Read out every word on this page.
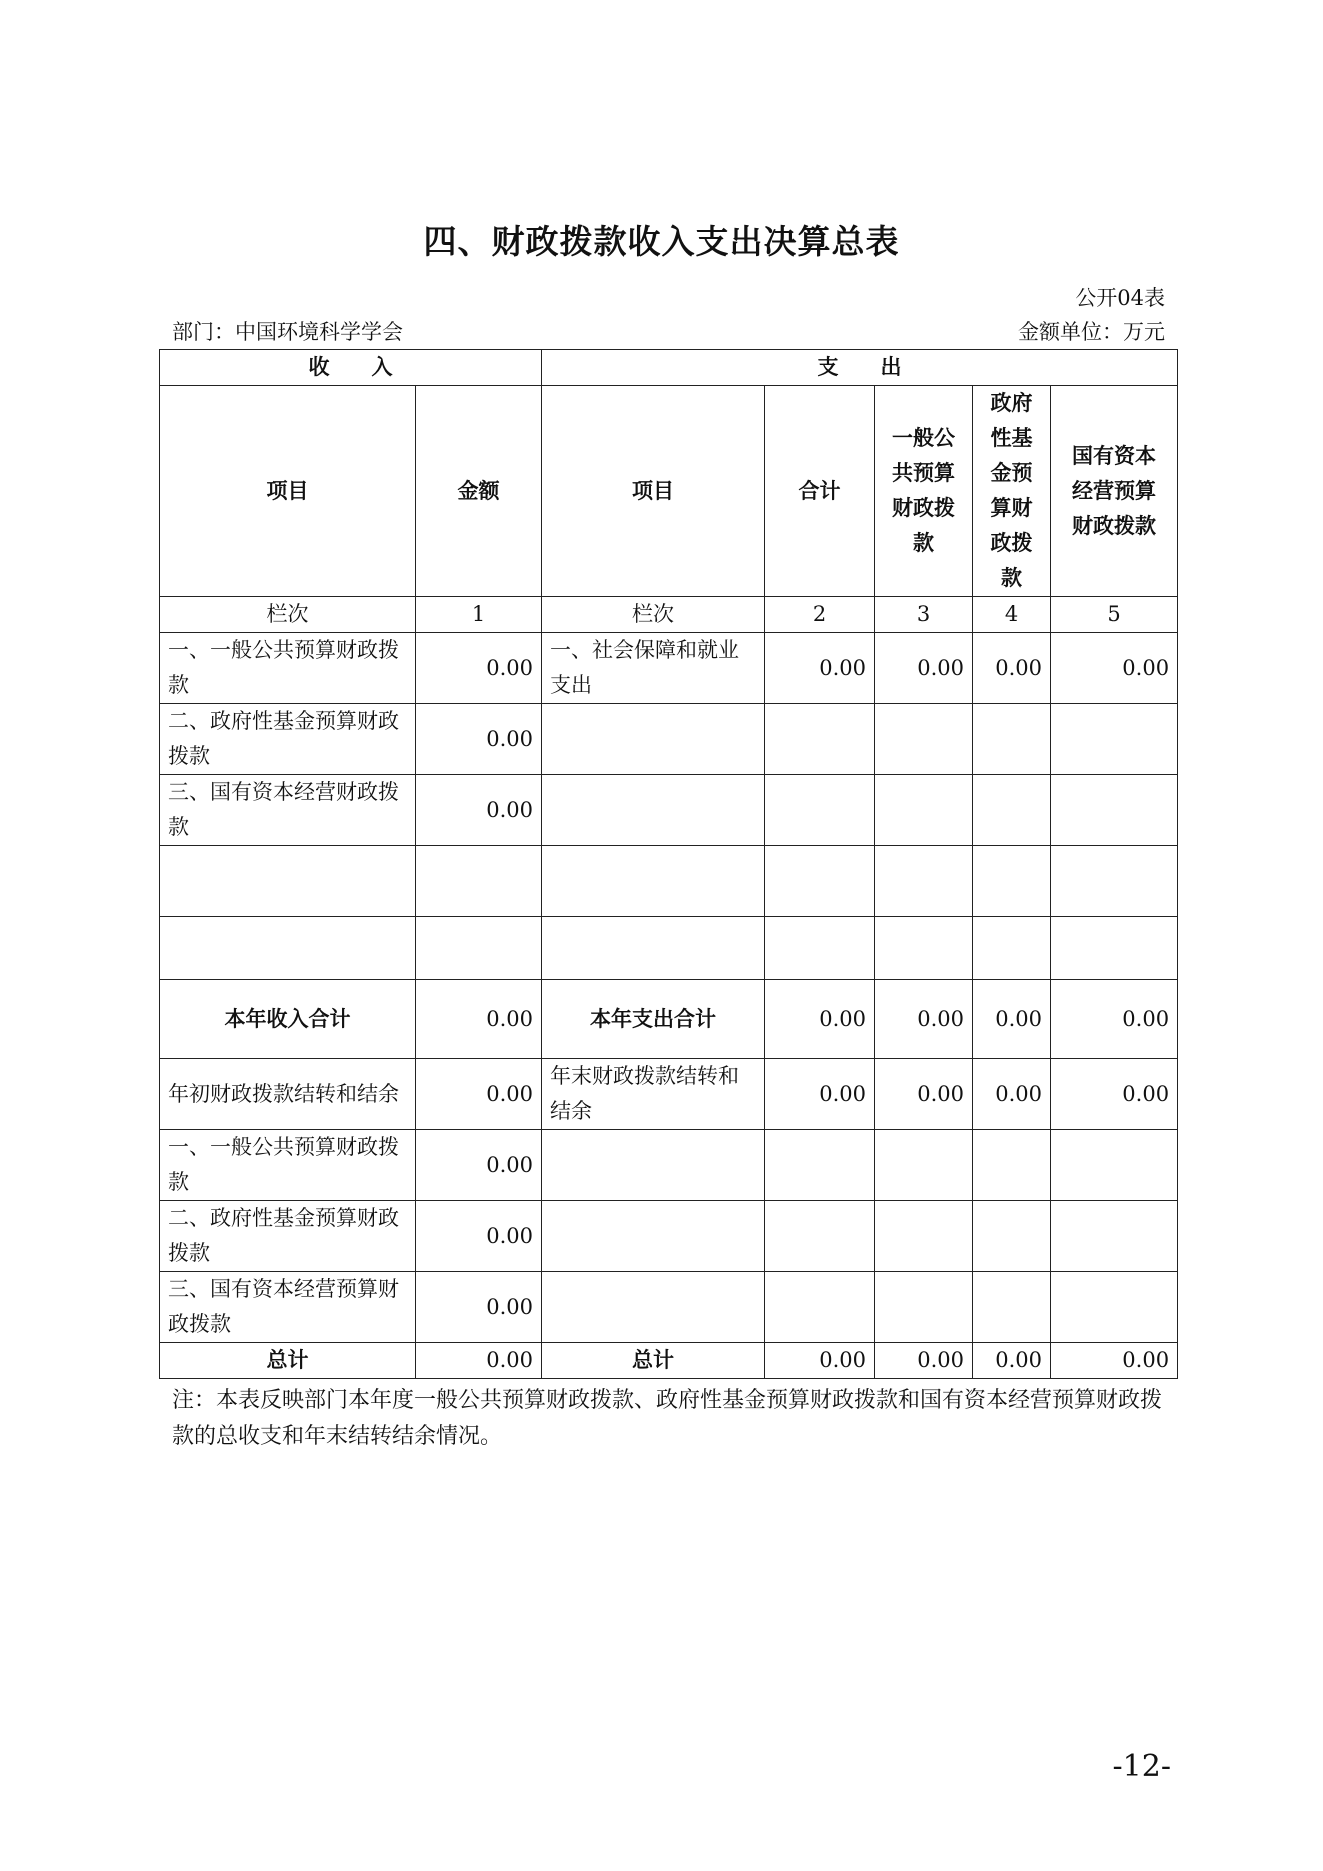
四、财政拨款收入支出决算总表
公开04表
部门：中国环境科学学会	金额单位：万元
收　　入		支　　出				
项目	金额	项目	合计	一般公共预算财政拨款	政府性基金预算财政拨款	国有资本经营预算财政拨款
栏次	1	栏次	2	3	4	5
一、一般公共预算财政拨款	0.00	一、社会保障和就业支出	0.00	0.00	0.00	0.00
二、政府性基金预算财政拨款	0.00					
三、国有资本经营财政拨款	0.00					

本年收入合计	0.00	本年支出合计	0.00	0.00	0.00	0.00
年初财政拨款结转和结余	0.00	年末财政拨款结转和结余	0.00	0.00	0.00	0.00
一、一般公共预算财政拨款	0.00					
二、政府性基金预算财政拨款	0.00					
三、国有资本经营预算财政拨款	0.00					
总计	0.00	总计	0.00	0.00	0.00	0.00
注：本表反映部门本年度一般公共预算财政拨款、政府性基金预算财政拨款和国有资本经营预算财政拨款的总收支和年末结转结余情况。
-12-
